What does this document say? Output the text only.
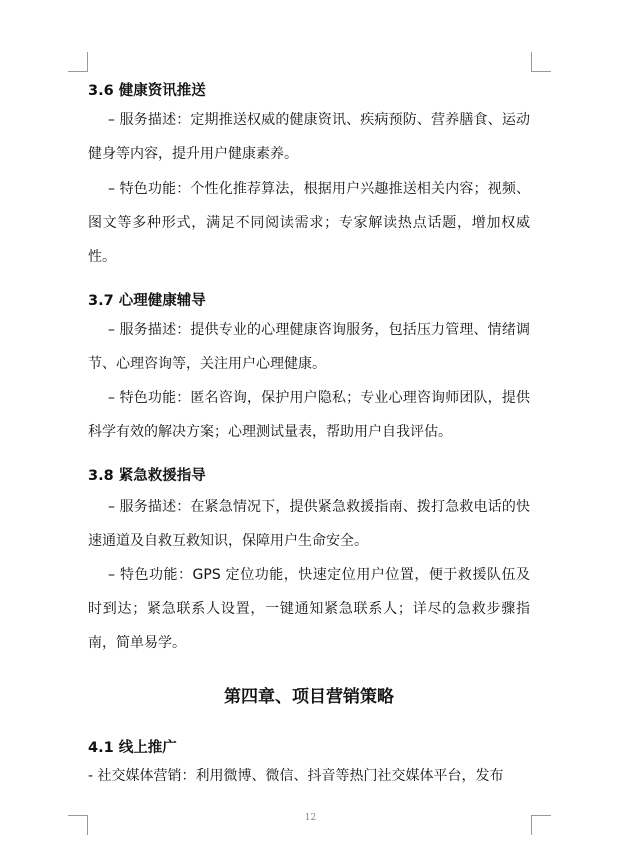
3.6 健康资讯推送

– 服务描述：定期推送权威的健康资讯、疾病预防、营养膳食、运动健身等内容，提升用户健康素养。

– 特色功能：个性化推荐算法，根据用户兴趣推送相关内容；视频、图文等多种形式，满足不同阅读需求；专家解读热点话题，增加权威性。

3.7 心理健康辅导

– 服务描述：提供专业的心理健康咨询服务，包括压力管理、情绪调节、心理咨询等，关注用户心理健康。

– 特色功能：匿名咨询，保护用户隐私；专业心理咨询师团队，提供科学有效的解决方案；心理测试量表，帮助用户自我评估。

3.8 紧急救援指导

– 服务描述：在紧急情况下，提供紧急救援指南、拨打急救电话的快速通道及自救互救知识，保障用户生命安全。

– 特色功能：GPS 定位功能，快速定位用户位置，便于救援队伍及时到达；紧急联系人设置，一键通知紧急联系人；详尽的急救步骤指南，简单易学。

第四章、项目营销策略
4.1 线上推广

- 社交媒体营销：利用微博、微信、抖音等热门社交媒体平台，发布

12
